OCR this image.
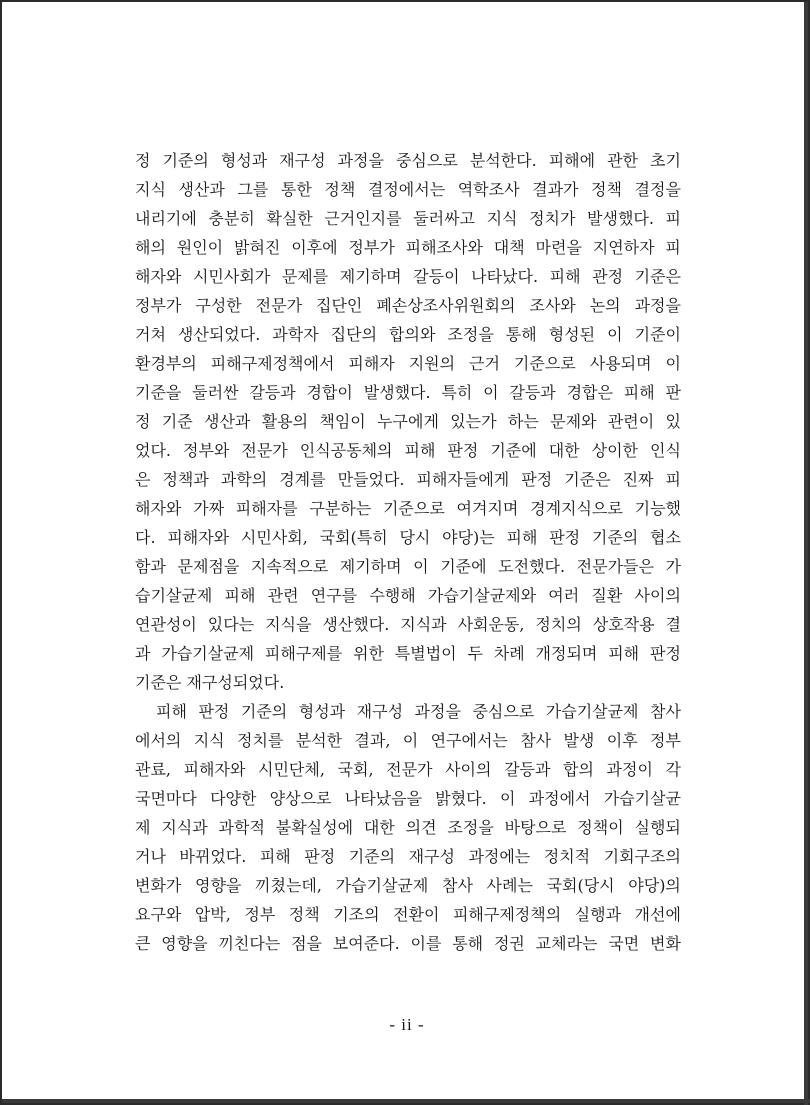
정 기준의 형성과 재구성 과정을 중심으로 분석한다. 피해에 관한 초기
지식 생산과 그를 통한 정책 결정에서는 역학조사 결과가 정책 결정을
내리기에 충분히 확실한 근거인지를 둘러싸고 지식 정치가 발생했다. 피
해의 원인이 밝혀진 이후에 정부가 피해조사와 대책 마련을 지연하자 피
해자와 시민사회가 문제를 제기하며 갈등이 나타났다. 피해 관정 기준은
정부가 구성한 전문가 집단인 폐손상조사위원회의 조사와 논의 과정을
거쳐 생산되었다. 과학자 집단의 합의와 조정을 통해 형성된 이 기준이
환경부의 피해구제정책에서 피해자 지원의 근거 기준으로 사용되며 이
기준을 둘러싼 갈등과 경합이 발생했다. 특히 이 갈등과 경합은 피해 판
정 기준 생산과 활용의 책임이 누구에게 있는가 하는 문제와 관련이 있
었다. 정부와 전문가 인식공동체의 피해 판정 기준에 대한 상이한 인식
은 정책과 과학의 경계를 만들었다. 피해자들에게 판정 기준은 진짜 피
해자와 가짜 피해자를 구분하는 기준으로 여겨지며 경계지식으로 기능했
다. 피해자와 시민사회, 국회(특히 당시 야당)는 피해 판정 기준의 협소
함과 문제점을 지속적으로 제기하며 이 기준에 도전했다. 전문가들은 가
습기살균제 피해 관련 연구를 수행해 가습기살균제와 여러 질환 사이의
연관성이 있다는 지식을 생산했다. 지식과 사회운동, 정치의 상호작용 결
과 가습기살균제 피해구제를 위한 특별법이 두 차례 개정되며 피해 판정
기준은 재구성되었다.
피해 판정 기준의 형성과 재구성 과정을 중심으로 가습기살균제 참사
에서의 지식 정치를 분석한 결과, 이 연구에서는 참사 발생 이후 정부
관료, 피해자와 시민단체, 국회, 전문가 사이의 갈등과 합의 과정이 각
국면마다 다양한 양상으로 나타났음을 밝혔다. 이 과정에서 가습기살균
제 지식과 과학적 불확실성에 대한 의견 조정을 바탕으로 정책이 실행되
거나 바뀌었다. 피해 판정 기준의 재구성 과정에는 정치적 기회구조의
변화가 영향을 끼쳤는데, 가습기살균제 참사 사례는 국회(당시 야당)의
요구와 압박, 정부 정책 기조의 전환이 피해구제정책의 실행과 개선에
큰 영향을 끼친다는 점을 보여준다. 이를 통해 정권 교체라는 국면 변화
- ii -
